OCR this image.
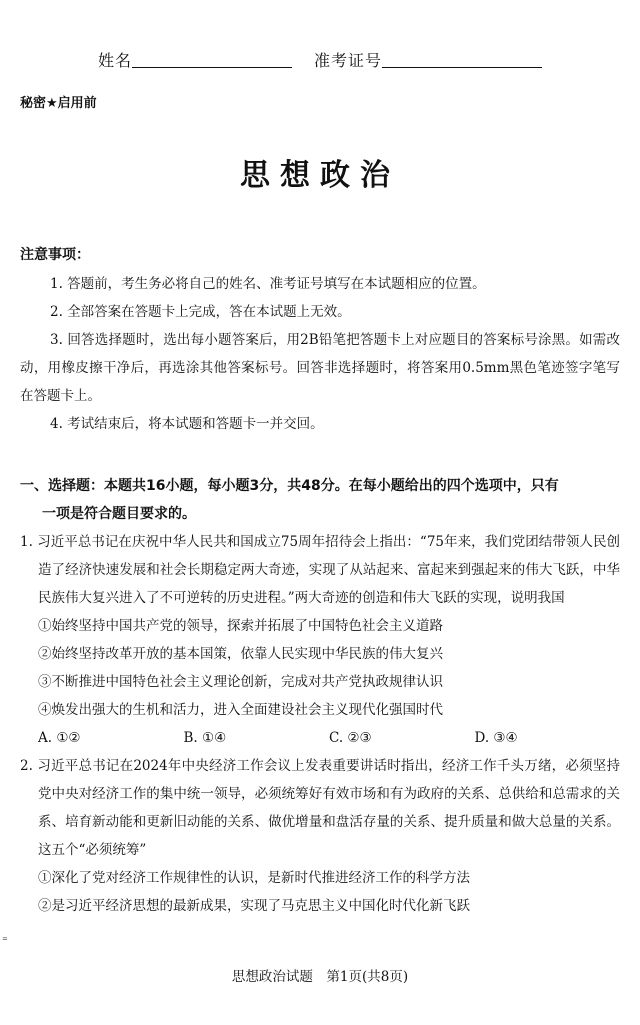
姓名	准考证号
秘密★启用前
思想政治
注意事项：

1. 答题前，考生务必将自己的姓名、准考证号填写在本试题相应的位置。

2. 全部答案在答题卡上完成，答在本试题上无效。

3. 回答选择题时，选出每小题答案后，用2B铅笔把答题卡上对应题目的答案标号涂黑。如需改动，用橡皮擦干净后，再选涂其他答案标号。回答非选择题时，将答案用0.5mm黑色笔迹签字笔写在答题卡上。

4. 考试结束后，将本试题和答题卡一并交回。

一、选择题：本题共16小题，每小题3分，共48分。在每小题给出的四个选项中，只有
一项是符合题目要求的。

1. 习近平总书记在庆祝中华人民共和国成立75周年招待会上指出：“75年来，我们党团结带领人民创造了经济快速发展和社会长期稳定两大奇迹，实现了从站起来、富起来到强起来的伟大飞跃，中华民族伟大复兴进入了不可逆转的历史进程。”两大奇迹的创造和伟大飞跃的实现，说明我国

①始终坚持中国共产党的领导，探索并拓展了中国特色社会主义道路

②始终坚持改革开放的基本国策，依靠人民实现中华民族的伟大复兴

③不断推进中国特色社会主义理论创新，完成对共产党执政规律认识

④焕发出强大的生机和活力，进入全面建设社会主义现代化强国时代

A. ①②	B. ①④	C. ②③	D. ③④

2. 习近平总书记在2024年中央经济工作会议上发表重要讲话时指出，经济工作千头万绪，必须坚持党中央对经济工作的集中统一领导，必须统筹好有效市场和有为政府的关系、总供给和总需求的关系、培育新动能和更新旧动能的关系、做优增量和盘活存量的关系、提升质量和做大总量的关系。这五个“必须统筹”

①深化了党对经济工作规律性的认识，是新时代推进经济工作的科学方法

②是习近平经济思想的最新成果，实现了马克思主义中国化时代化新飞跃

=
思想政治试题　第1页(共8页)
